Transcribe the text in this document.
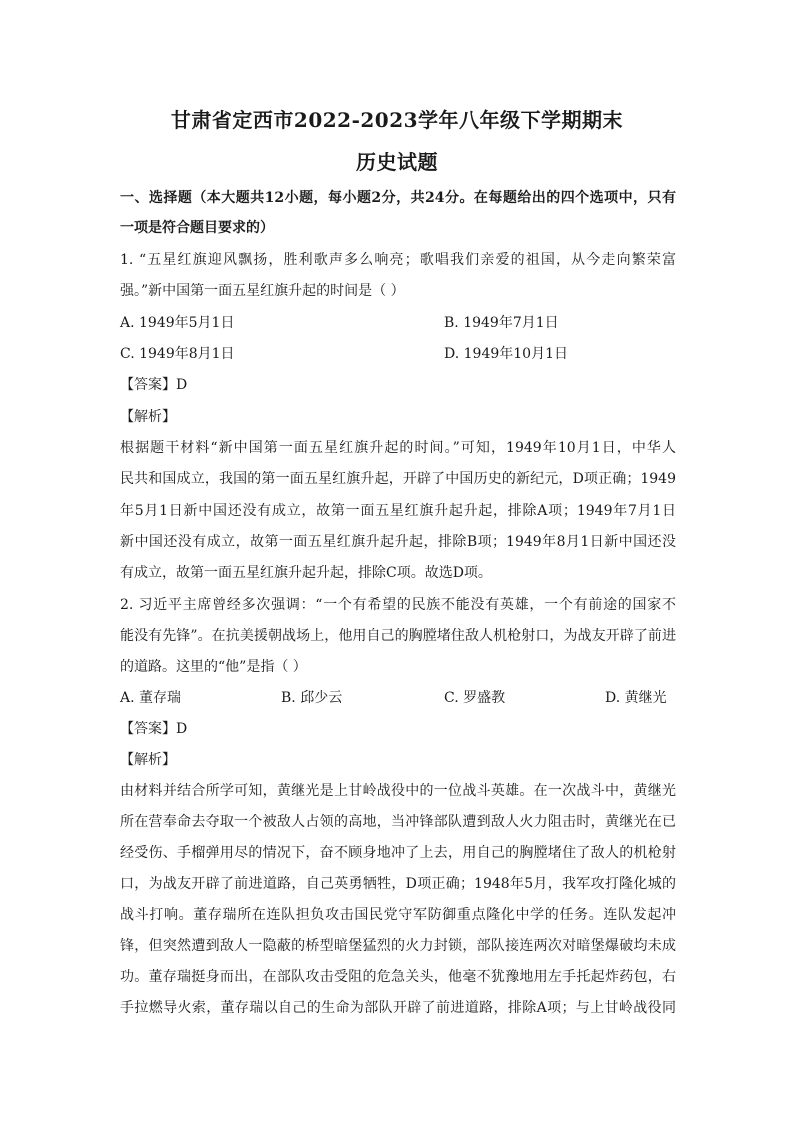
甘肃省定西市2022-2023学年八年级下学期期末
历史试题
一、选择题（本大题共12小题，每小题2分，共24分。在每题给出的四个选项中，只有
一项是符合题目要求的）
1. “五星红旗迎风飘扬，胜利歌声多么响亮；歌唱我们亲爱的祖国，从今走向繁荣富
强。”新中国第一面五星红旗升起的时间是（ ）
A. 1949年5月1日	B. 1949年7月1日
C. 1949年8月1日	D. 1949年10月1日
【答案】D
【解析】
根据题干材料“新中国第一面五星红旗升起的时间。”可知，1949年10月1日，中华人
民共和国成立，我国的第一面五星红旗升起，开辟了中国历史的新纪元，D项正确；1949
年5月1日新中国还没有成立，故第一面五星红旗升起升起，排除A项；1949年7月1日
新中国还没有成立，故第一面五星红旗升起升起，排除B项；1949年8月1日新中国还没
有成立，故第一面五星红旗升起升起，排除C项。故选D项。
2. 习近平主席曾经多次强调：“一个有希望的民族不能没有英雄，一个有前途的国家不
能没有先锋”。在抗美援朝战场上，他用自己的胸膛堵住敌人机枪射口，为战友开辟了前进
的道路。这里的“他”是指（ ）
A. 董存瑞	B. 邱少云	C. 罗盛教	D. 黄继光
【答案】D
【解析】
由材料并结合所学可知，黄继光是上甘岭战役中的一位战斗英雄。在一次战斗中，黄继光
所在营奉命去夺取一个被敌人占领的高地，当冲锋部队遭到敌人火力阻击时，黄继光在已
经受伤、手榴弹用尽的情况下，奋不顾身地冲了上去，用自己的胸膛堵住了敌人的机枪射
口，为战友开辟了前进道路，自己英勇牺牲，D项正确；1948年5月，我军攻打隆化城的
战斗打响。董存瑞所在连队担负攻击国民党守军防御重点隆化中学的任务。连队发起冲
锋，但突然遭到敌人一隐蔽的桥型暗堡猛烈的火力封锁，部队接连两次对暗堡爆破均未成
功。董存瑞挺身而出，在部队攻击受阻的危急关头，他毫不犹豫地用左手托起炸药包，右
手拉燃导火索，董存瑞以自己的生命为部队开辟了前进道路，排除A项；与上甘岭战役同
